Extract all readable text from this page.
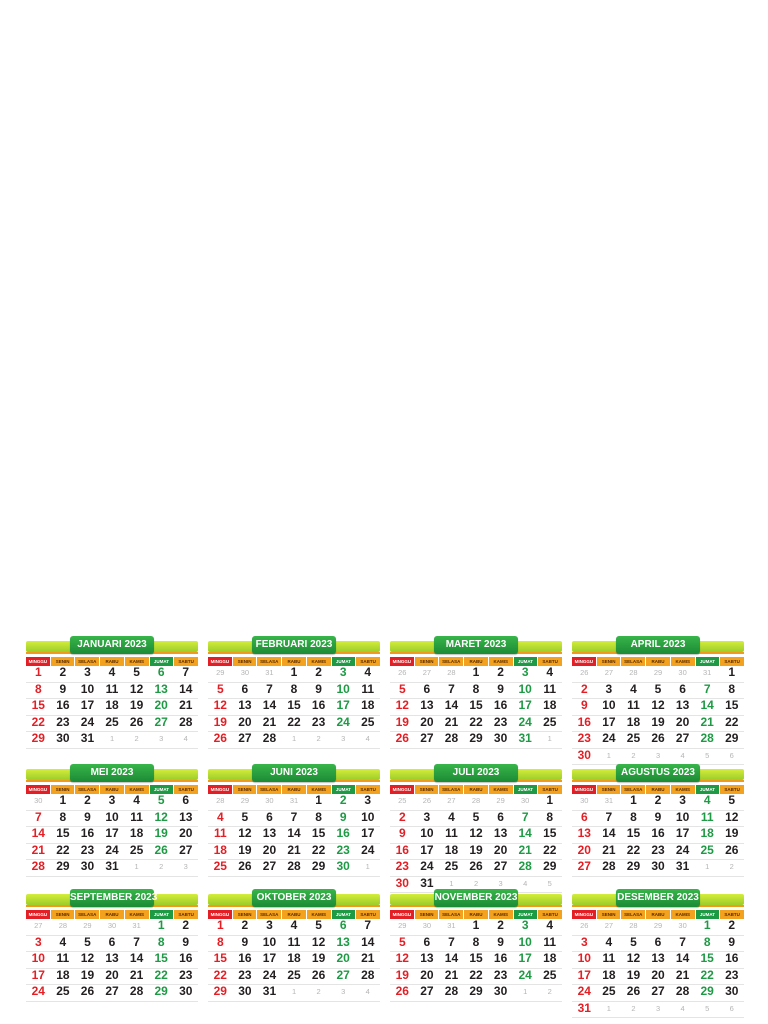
JANUARI 2023
MINGGU	SENIN	SELASA	RABU	KAMIS	JUMAT	SABTU
1	2	3	4	5	6	7
8	9	10 11 12 13 14
15 16 17 18 19 20 21
22 23 24 25 26 27 28
29 30 31	1	2	3	4
FEBRUARI 2023
MINGGU	SENIN	SELASA	RABU	KAMIS	JUMAT	SABTU
29	30	31	1	2	3	4
5	6	7	8	9	10 11
12 13 14 15 16 17 18
19 20 21 22 23 24 25
26 27 28	1	2	3	4
MARET 2023
MINGGU	SENIN	SELASA	RABU	KAMIS	JUMAT	SABTU
26	27	28	1	2	3	4
5	6	7	8	9	10 11
12 13 14 15 16 17 18
19 20 21 22 23 24 25
26 27 28 29 30 31	1
APRIL 2023
MINGGU	SENIN	SELASA	RABU	KAMIS	JUMAT	SABTU
26	27	28	29	30	31	1
2	3	4	5	6	7	8
9	10 11 12 13 14 15
16 17 18 19 20 21 22
23 24 25 26 27 28 29
30	1	2	3	4	5	6
MEI 2023
MINGGU	SENIN	SELASA	RABU	KAMIS	JUMAT	SABTU
30	1	2	3	4	5	6
7	8	9	10 11 12 13
14 15 16 17 18 19 20
21 22 23 24 25 26 27
28 29 30 31	1	2	3
JUNI 2023
MINGGU	SENIN	SELASA	RABU	KAMIS	JUMAT	SABTU
28	29	30	31	1	2	3
4	5	6	7	8	9	10
11 12 13 14 15 16 17
18 19 20 21 22 23 24
25 26 27 28 29 30	1
JULI 2023
MINGGU	SENIN	SELASA	RABU	KAMIS	JUMAT	SABTU
25	26	27	28	29	30	1
2	3	4	5	6	7	8
9	10 11 12 13 14 15
16 17 18 19 20 21 22
23 24 25 26 27 28 29
30 31	1	2	3	4	5
AGUSTUS 2023
MINGGU	SENIN	SELASA	RABU	KAMIS	JUMAT	SABTU
30	31	1	2	3	4	5
6	7	8	9	10 11 12
13 14 15 16 17 18 19
20 21 22 23 24 25 26
27 28 29 30 31	1	2
SEPTEMBER 2023
MINGGU	SENIN	SELASA	RABU	KAMIS	JUMAT	SABTU
27	28	29	30	31	1	2
3	4	5	6	7	8	9
10 11 12 13 14 15 16
17 18 19 20 21 22 23
24 25 26 27 28 29 30
OKTOBER 2023
MINGGU	SENIN	SELASA	RABU	KAMIS	JUMAT	SABTU
1	2	3	4	5	6	7
8	9	10 11 12 13 14
15 16 17 18 19 20 21
22 23 24 25 26 27 28
29 30 31	1	2	3	4
NOVEMBER 2023
MINGGU	SENIN	SELASA	RABU	KAMIS	JUMAT	SABTU
29	30	31	1	2	3	4
5	6	7	8	9	10 11
12 13 14 15 16 17 18
19 20 21 22 23 24 25
26 27 28 29 30	1	2
DESEMBER 2023
MINGGU	SENIN	SELASA	RABU	KAMIS	JUMAT	SABTU
26	27	28	29	30	1	2
3	4	5	6	7	8	9
10 11 12 13 14 15 16
17 18 19 20 21 22 23
24 25 26 27 28 29 30
31	1	2	3	4	5	6
